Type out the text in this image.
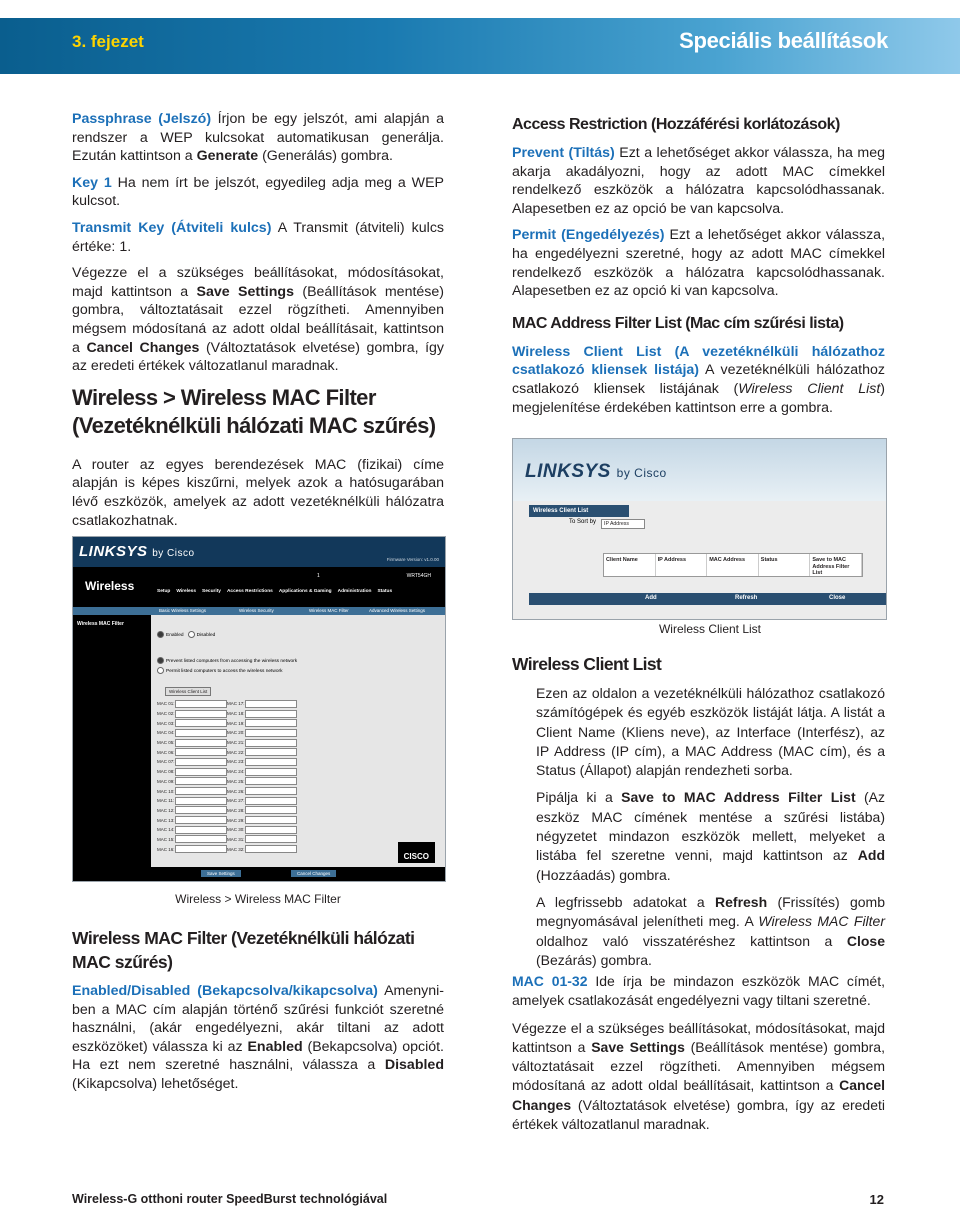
3. fejezet	Speciális beállítások

Passphrase (Jelszó) Írjon be egy jelszót, ami alapján a rendszer a WEP kulcsokat automatikusan generálja. Ezután kattintson a Generate (Generálás) gombra.

Key 1 Ha nem írt be jelszót, egyedileg adja meg a WEP kulcsot.

Transmit Key (Átviteli kulcs) A Transmit (átviteli) kulcs értéke: 1.

Végezze el a szükséges beállításokat, módosításokat, majd kattintson a Save Settings (Beállítások mentése) gombra, változtatásait ezzel rögzítheti. Amennyiben mégsem módosítaná az adott oldal beállításait, kattintson a Cancel Changes (Változtatások elvetése) gombra, így az eredeti értékek változatlanul maradnak.

Wireless > Wireless MAC Filter (Vezetéknélküli hálózati MAC szűrés)

A router az egyes berendezések MAC (fizikai) címe alapján is képes kiszűrni, melyek azok a hatósugarában lévő eszközök, amelyek az adott vezetéknélküli hálózatra csatlakozhatnak.

LINKSYS by Cisco
Firmware Version: v1.0.00
Wireless
1	WRT54GH
Setup Wireless Security Access Restrictions Applications & Gaming Administration Status
Basic Wireless Settings	Wireless Security	Wireless MAC Filter	Advanced Wireless Settings
Wireless MAC Filter
Enabled	Disabled
Prevent listed computers from accessing the wireless network
Permit listed computers to access the wireless network
Wireless Client List
MAC 01:
MAC 02:
MAC 03:
MAC 04:
MAC 05:
MAC 06:
MAC 07:
MAC 08:
MAC 09:
MAC 10:
MAC 11:
MAC 12:
MAC 13:
MAC 14:
MAC 15:
MAC 16:
MAC 17:
MAC 18:
MAC 19:
MAC 20:
MAC 21:
MAC 22:
MAC 23:
MAC 24:
MAC 25:
MAC 26:
MAC 27:
MAC 28:
MAC 29:
MAC 30:
MAC 31:
MAC 32:
CISCO
Save Settings	Cancel Changes
Wireless > Wireless MAC Filter
Wireless MAC Filter (Vezetéknélküli hálózati MAC szűrés)

Enabled/Disabled (Bekapcsolva/kikapcsolva) Amenyniben a MAC cím alapján történő szűrési funkciót szeretné használni, (akár engedélyezni, akár tiltani az adott eszközöket) válassza ki az Enabled (Bekapcsolva) opciót. Ha ezt nem szeretné használni, válassza a Disabled (Kikapcsolva) lehetőséget.

Access Restriction (Hozzáférési korlátozások)

Prevent (Tiltás) Ezt a lehetőséget akkor válassza, ha meg akarja akadályozni, hogy az adott MAC címekkel rendelkező eszközök a hálózatra kapcsolódhassanak. Alapesetben ez az opció be van kapcsolva.

Permit (Engedélyezés) Ezt a lehetőséget akkor válassza, ha engedélyezni szeretné, hogy az adott MAC címekkel rendelkező eszközök a hálózatra kapcsolódhassanak. Alapesetben ez az opció ki van kapcsolva.

MAC Address Filter List (Mac cím szűrési lista)

Wireless Client List (A vezetéknélküli hálózathoz csatlakozó kliensek listája) A vezetéknélküli hálózathoz csatlakozó kliensek listájának (Wireless Client List) megjelenítése érdekében kattintson erre a gombra.

LINKSYS by Cisco
Wireless Client List
To Sort by	IP Address
Client Name	IP Address	MAC Address	Status	Save to MAC Address Filter List
Add	Refresh	Close
Wireless Client List
Wireless Client List

Ezen az oldalon a vezetéknélküli hálózathoz csatlakozó számítógépek és egyéb eszközök listáját látja. A listát a Client Name (Kliens neve), az Interface (Interfész), az IP Address (IP cím), a MAC Address (MAC cím), és a Status (Állapot) alapján rendezheti sorba.

Pipálja ki a Save to MAC Address Filter List (Az eszköz MAC címének mentése a szűrési listába) négyzetet mindazon eszközök mellett, melyeket a listába fel szeretne venni, majd kattintson az Add (Hozzáadás) gombra.

A legfrissebb adatokat a Refresh (Frissítés) gomb megnyomásával jelenítheti meg. A Wireless MAC Filter oldalhoz való visszatéréshez kattintson a Close (Bezárás) gombra.

MAC 01-32 Ide írja be mindazon eszközök MAC címét, amelyek csatlakozását engedélyezni vagy tiltani szeretné.

Végezze el a szükséges beállításokat, módosításokat, majd kattintson a Save Settings (Beállítások mentése) gombra, változtatásait ezzel rögzítheti. Amennyiben mégsem módosítaná az adott oldal beállításait, kattintson a Cancel Changes (Változtatások elvetése) gombra, így az eredeti értékek változatlanul maradnak.

Wireless-G otthoni router SpeedBurst technológiával	12
